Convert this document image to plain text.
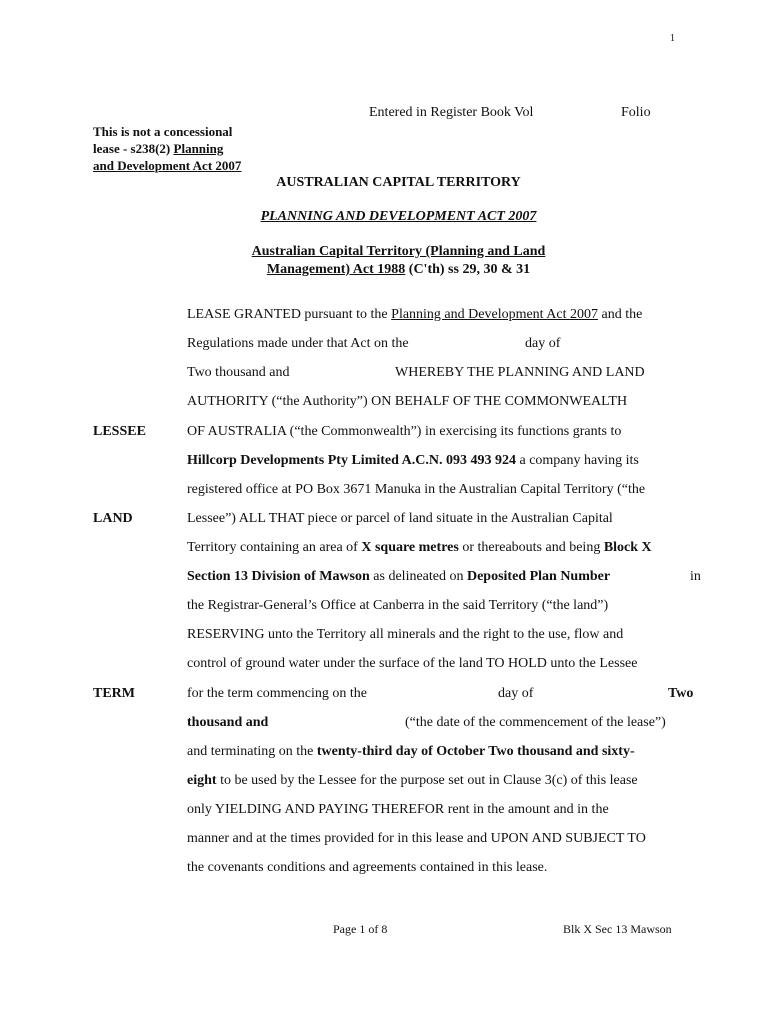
1
Entered in Register Book Vol	Folio
This is not a concessional
lease - s238(2) Planning
and Development Act 2007
AUSTRALIAN CAPITAL TERRITORY
PLANNING AND DEVELOPMENT ACT 2007
Australian Capital Territory (Planning and Land
Management) Act 1988 (C'th) ss 29, 30 & 31
LESSEE
LAND
TERM
LEASE GRANTED pursuant to the Planning and Development Act 2007 and the
Regulations made under that Act on the	day of
Two thousand and	WHEREBY THE PLANNING AND LAND
AUTHORITY (“the Authority”) ON BEHALF OF THE COMMONWEALTH
OF AUSTRALIA (“the Commonwealth”) in exercising its functions grants to
Hillcorp Developments Pty Limited A.C.N. 093 493 924 a company having its
registered office at PO Box 3671 Manuka in the Australian Capital Territory (“the
Lessee”) ALL THAT piece or parcel of land situate in the Australian Capital
Territory containing an area of X square metres or thereabouts and being Block X
Section 13 Division of Mawson as delineated on Deposited Plan Number	in
the Registrar-General’s Office at Canberra in the said Territory (“the land”)
RESERVING unto the Territory all minerals and the right to the use, flow and
control of ground water under the surface of the land TO HOLD unto the Lessee
for the term commencing on the	day of	Two
thousand and	(“the date of the commencement of the lease”)
and terminating on the twenty-third day of October Two thousand and sixty-
eight to be used by the Lessee for the purpose set out in Clause 3(c) of this lease
only YIELDING AND PAYING THEREFOR rent in the amount and in the
manner and at the times provided for in this lease and UPON AND SUBJECT TO
the covenants conditions and agreements contained in this lease.
Page 1 of 8	Blk X Sec 13 Mawson
